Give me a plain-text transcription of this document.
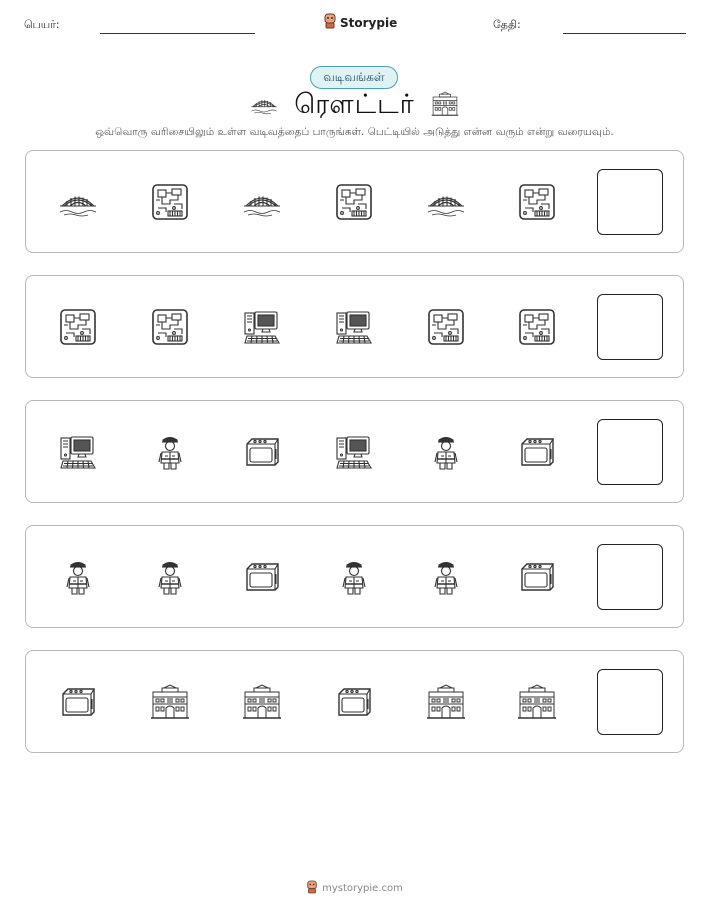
பெயர்:	Storypie	தேதி:
வடிவங்கள்
ரௌட்டர்
ஒவ்வொரு வரிசையிலும் உள்ள வடிவத்தைப் பாருங்கள். பெட்டியில் அடுத்து என்ன வரும் என்று வரையவும்.
mystorypie.com
